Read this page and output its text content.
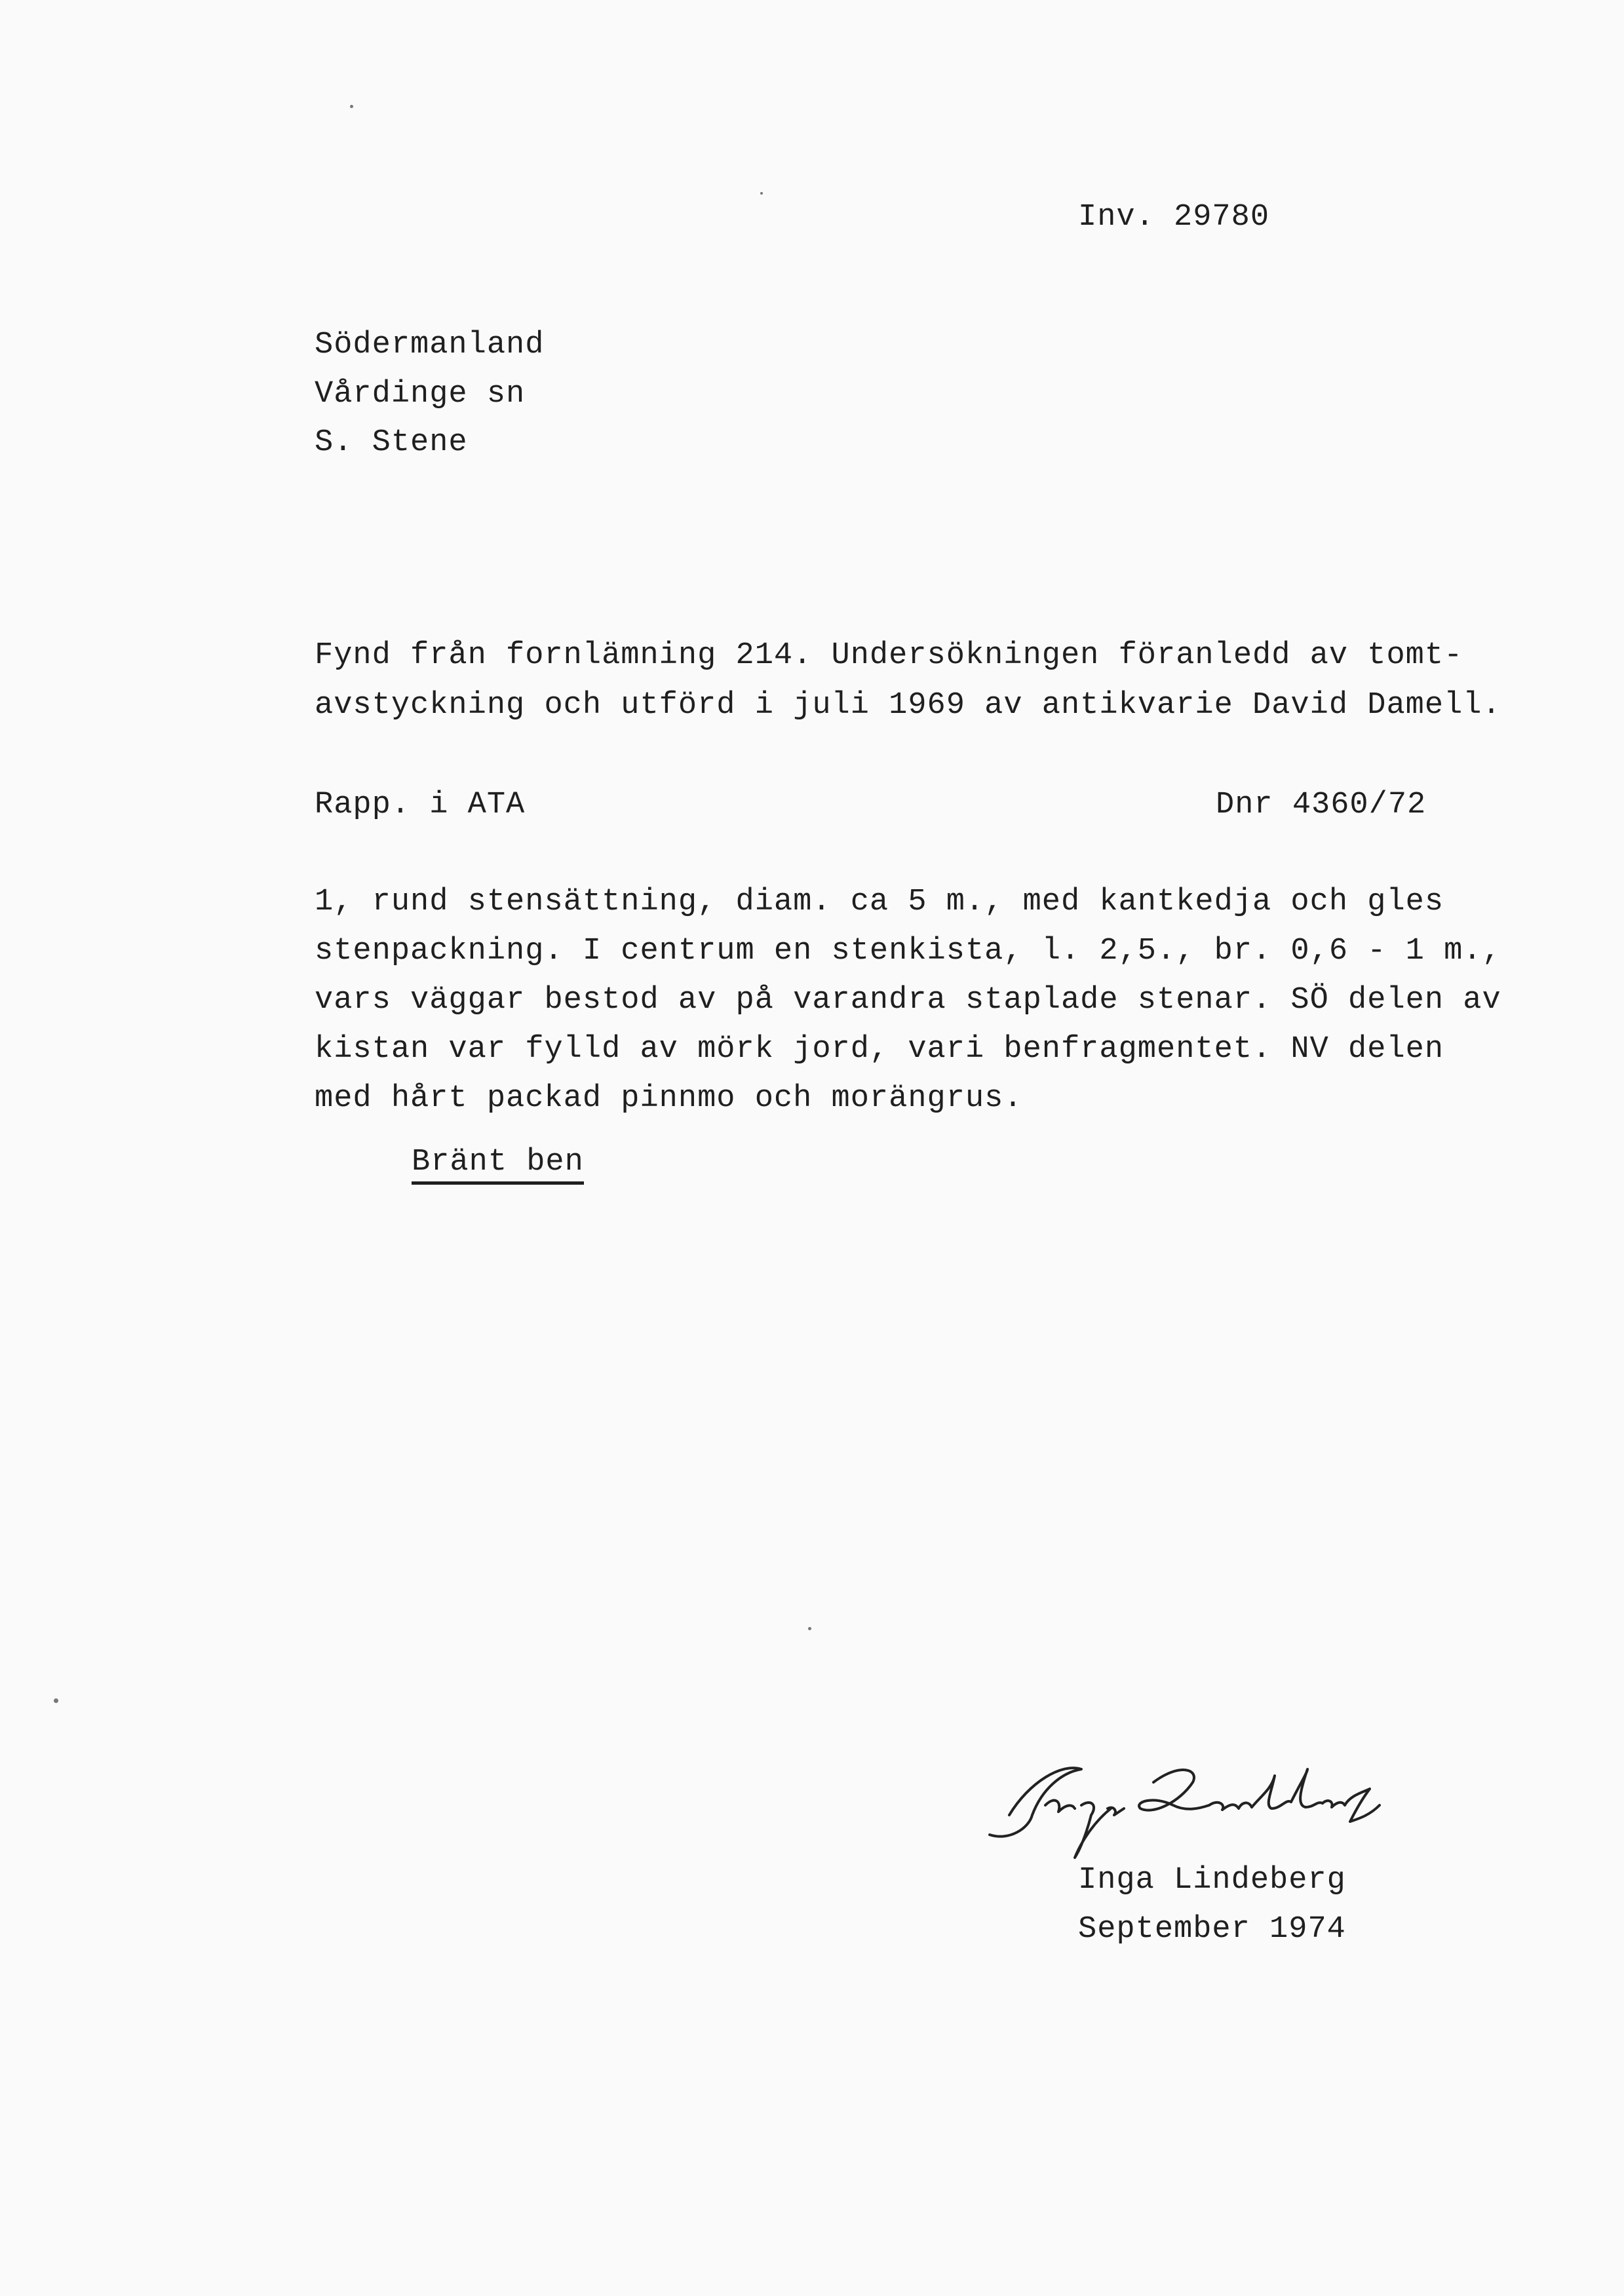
Inv. 29780
Södermanland
Vårdinge sn
S. Stene
Fynd från fornlämning 214. Undersökningen föranledd av tomt-
avstyckning och utförd i juli 1969 av antikvarie David Damell.
Rapp. i ATA	Dnr 4360/72
1, rund stensättning, diam. ca 5 m., med kantkedja och gles
stenpackning. I centrum en stenkista, l. 2,5., br. 0,6 - 1 m.,
vars väggar bestod av på varandra staplade stenar. SÖ delen av
kistan var fylld av mörk jord, vari benfragmentet. NV delen
med hårt packad pinnmo och morängrus.
Bränt ben
Inga Lindeberg
September 1974
